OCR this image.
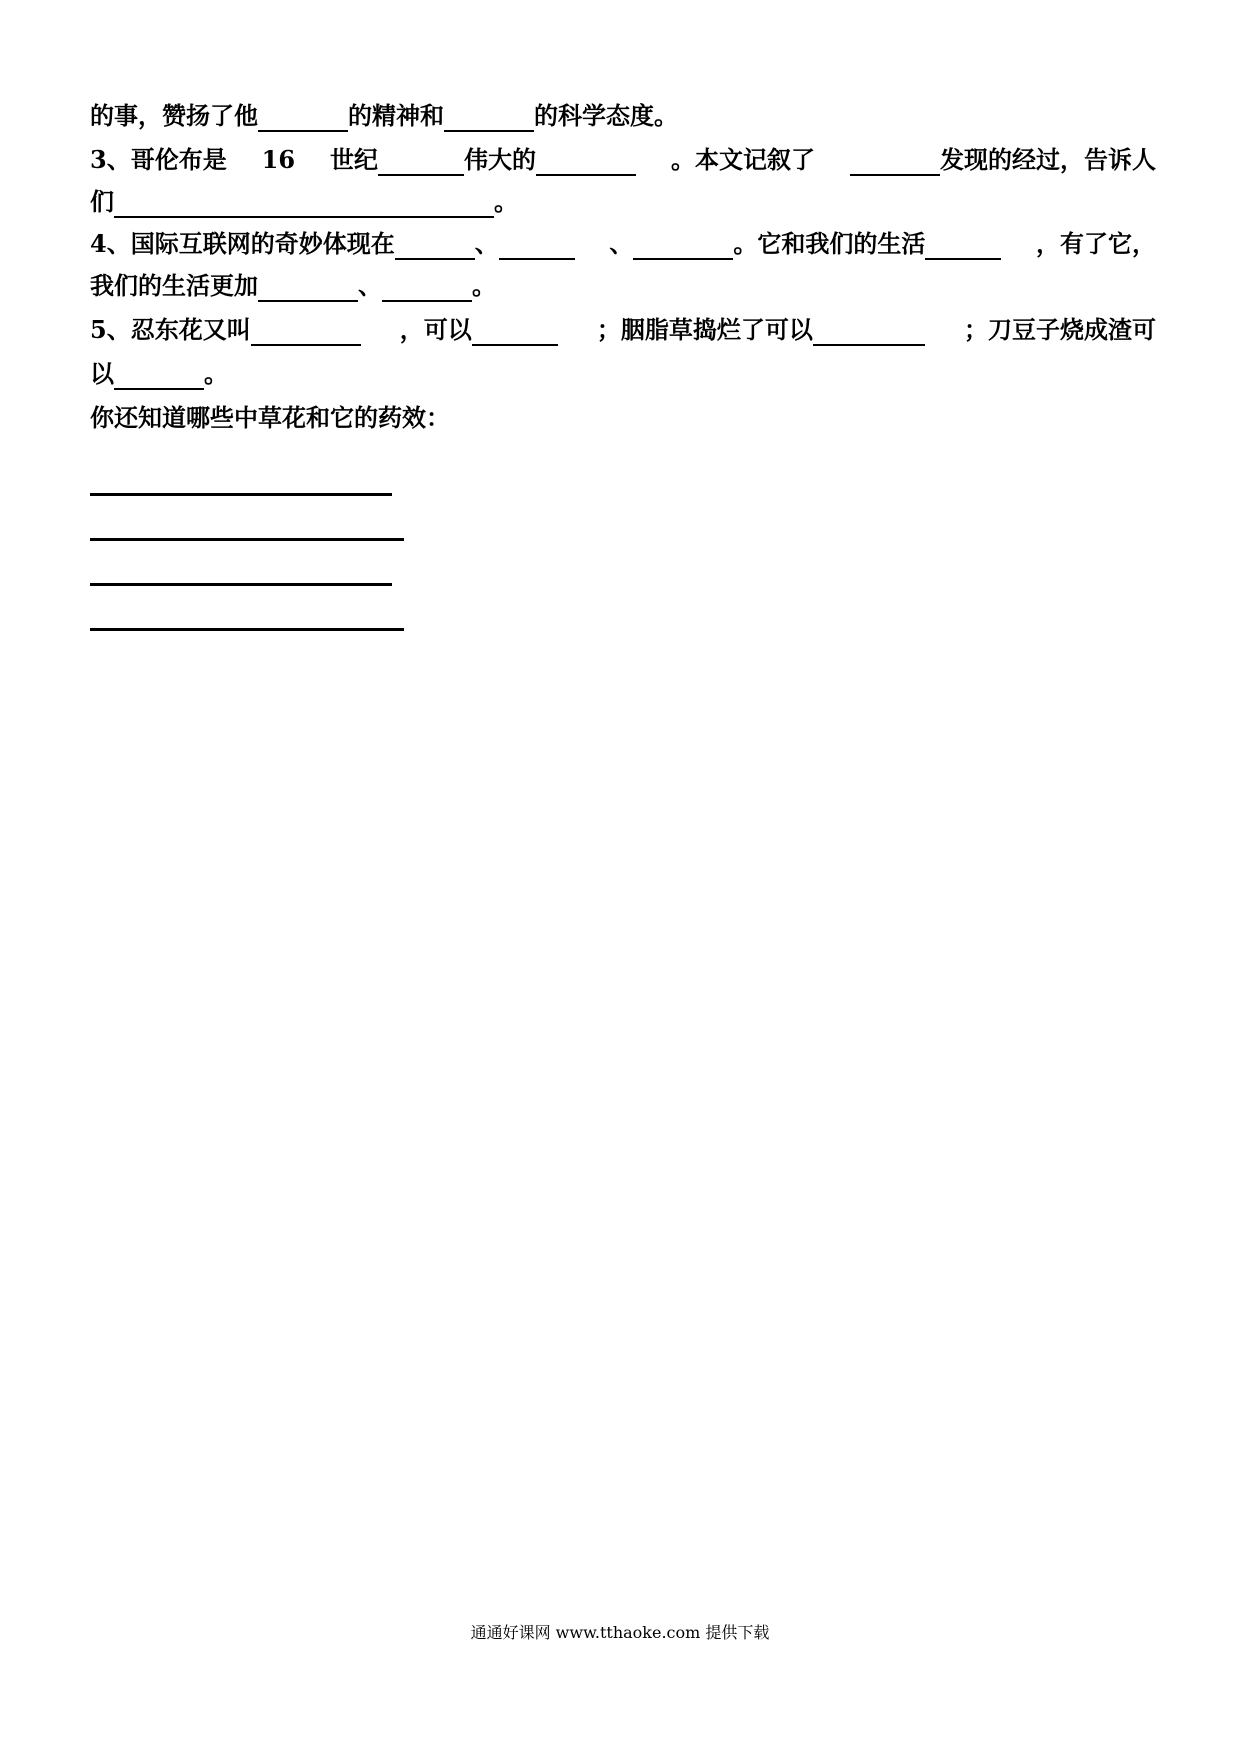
的事，赞扬了他	的精神和	的科学态度。
3、哥伦布是 16 世纪	伟大的	。本文记叙了	发现的经过，告诉人
们	。
4、国际互联网的奇妙体现在	、	、	。它和我们的生活	，有了它，
我们的生活更加	、	。
5、忍东花又叫	，可以	；胭脂草捣烂了可以	；刀豆子烧成渣可
以	。
你还知道哪些中草花和它的药效：
通通好课网 www.tthaoke.com 提供下载
